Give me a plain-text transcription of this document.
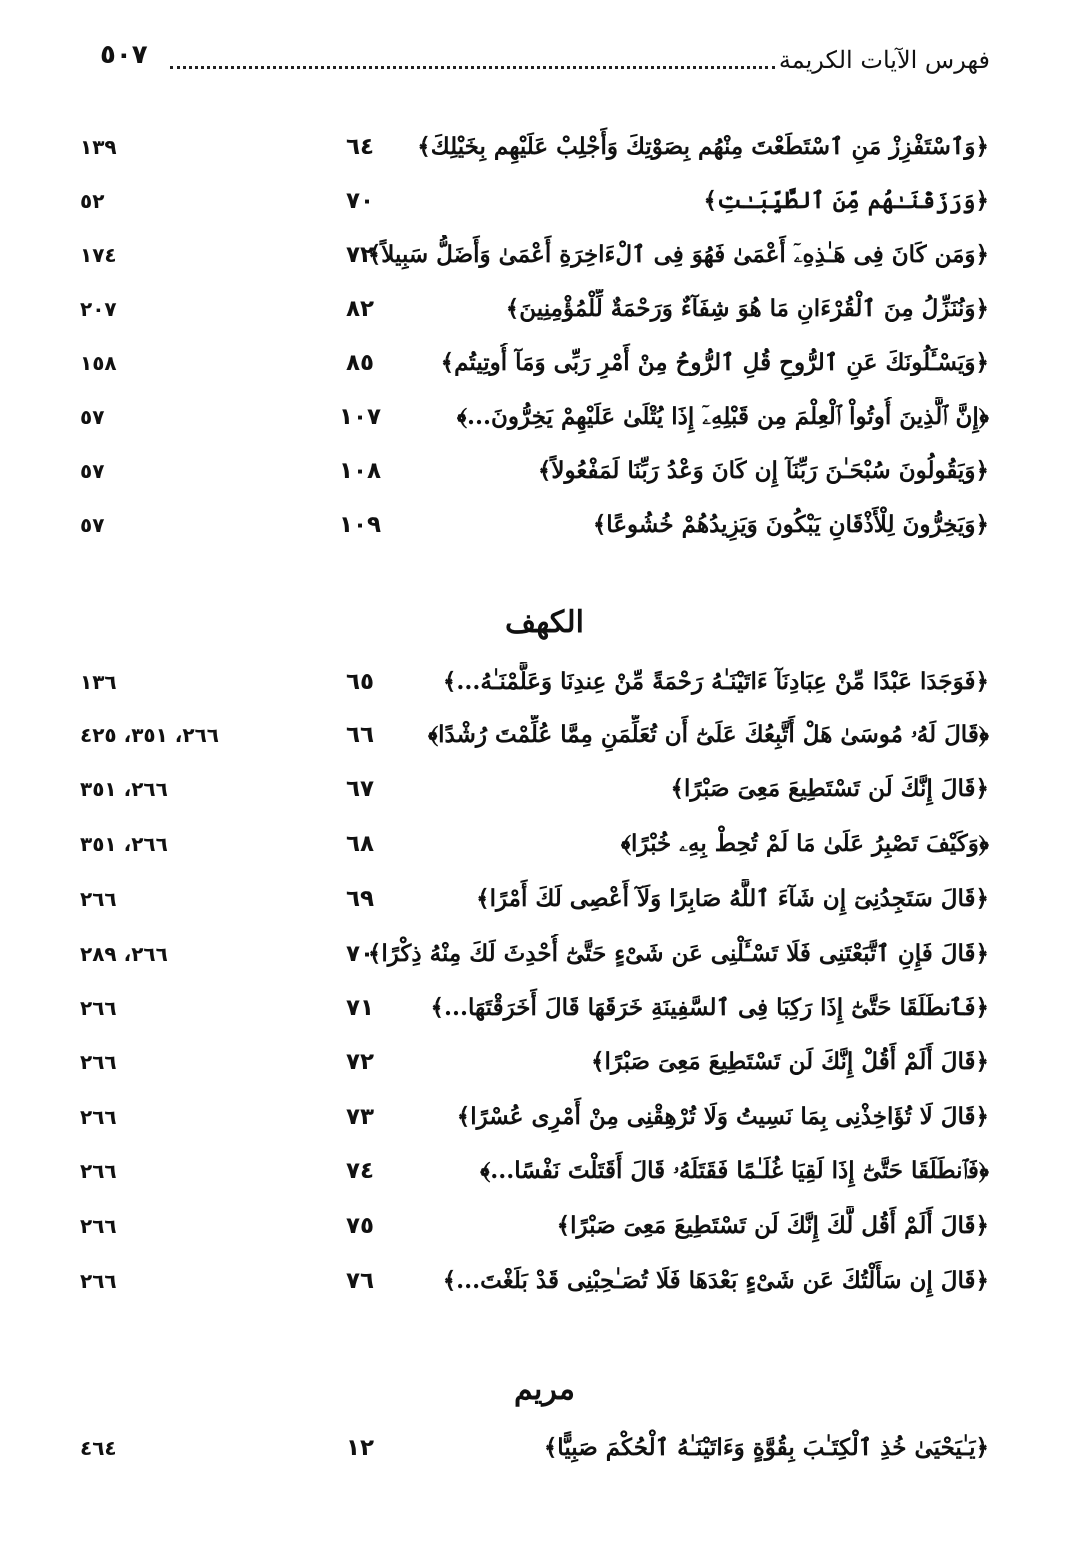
فهرس الآيات الكريمة
٥٠٧
﴿وَٱسْتَفْزِزْ مَنِ ٱسْتَطَعْتَ مِنْهُم بِصَوْتِكَ وَأَجْلِبْ عَلَيْهِم بِخَيْلِكَ﴾
٦٤
١٣٩
﴿وَرَزَقْنَـٰهُم مِّنَ ٱلطَّيِّبَـٰتِ﴾
٧٠
٥٢
﴿وَمَن كَانَ فِى هَـٰذِهِۦٓ أَعْمَىٰ فَهُوَ فِى ٱلْءَاخِرَةِ أَعْمَىٰ وَأَضَلُّ سَبِيلاً﴾
٧٢
١٧٤
﴿وَنُنَزِّلُ مِنَ ٱلْقُرْءَانِ مَا هُوَ شِفَآءٌ وَرَحْمَةٌ لِّلْمُؤْمِنِينَ﴾
٨٢
٢٠٧
﴿وَيَسْـَٔلُونَكَ عَنِ ٱلرُّوحِ قُلِ ٱلرُّوحُ مِنْ أَمْرِ رَبِّى وَمَآ أُوتِيتُم﴾
٨٥
١٥٨
﴿إِنَّ ٱلَّذِينَ أُوتُواْ ٱلْعِلْمَ مِن قَبْلِهِۦٓ إِذَا يُتْلَىٰ عَلَيْهِمْ يَخِرُّونَ...﴾
١٠٧
٥٧
﴿وَيَقُولُونَ سُبْحَـٰنَ رَبِّنَآ إِن كَانَ وَعْدُ رَبِّنَا لَمَفْعُولاً﴾
١٠٨
٥٧
﴿وَيَخِرُّونَ لِلْأَذْقَانِ يَبْكُونَ وَيَزِيدُهُمْ خُشُوعًا﴾
١٠٩
٥٧
الكهف
﴿فَوَجَدَا عَبْدًا مِّنْ عِبَادِنَآ ءَاتَيْنَـٰهُ رَحْمَةً مِّنْ عِندِنَا وَعَلَّمْنَـٰهُ...﴾
٦٥
١٣٦
﴿قَالَ لَهُۥ مُوسَىٰ هَلْ أَتَّبِعُكَ عَلَىٰٓ أَن تُعَلِّمَنِ مِمَّا عُلِّمْتَ رُشْدًا﴾
٦٦
٢٦٦، ٣٥١، ٤٢٥
﴿قَالَ إِنَّكَ لَن تَسْتَطِيعَ مَعِىَ صَبْرًا﴾
٦٧
٢٦٦، ٣٥١
﴿وَكَيْفَ تَصْبِرُ عَلَىٰ مَا لَمْ تُحِطْ بِهِۦ خُبْرًا﴾
٦٨
٢٦٦، ٣٥١
﴿قَالَ سَتَجِدُنِىٓ إِن شَآءَ ٱللَّهُ صَابِرًا وَلَآ أَعْصِى لَكَ أَمْرًا﴾
٦٩
٢٦٦
﴿قَالَ فَإِنِ ٱتَّبَعْتَنِى فَلَا تَسْـَٔلْنِى عَن شَىْءٍ حَتَّىٰٓ أُحْدِثَ لَكَ مِنْهُ ذِكْرًا﴾
٧٠
٢٦٦، ٢٨٩
﴿فَٱنطَلَقَا حَتَّىٰٓ إِذَا رَكِبَا فِى ٱلسَّفِينَةِ خَرَقَهَا قَالَ أَخَرَقْتَهَا...﴾
٧١
٢٦٦
﴿قَالَ أَلَمْ أَقُلْ إِنَّكَ لَن تَسْتَطِيعَ مَعِىَ صَبْرًا﴾
٧٢
٢٦٦
﴿قَالَ لَا تُؤَاخِذْنِى بِمَا نَسِيتُ وَلَا تُرْهِقْنِى مِنْ أَمْرِى عُسْرًا﴾
٧٣
٢٦٦
﴿فَٱنطَلَقَا حَتَّىٰٓ إِذَا لَقِيَا غُلَـٰمًا فَقَتَلَهُۥ قَالَ أَقَتَلْتَ نَفْسًا...﴾
٧٤
٢٦٦
﴿قَالَ أَلَمْ أَقُل لَّكَ إِنَّكَ لَن تَسْتَطِيعَ مَعِىَ صَبْرًا﴾
٧٥
٢٦٦
﴿قَالَ إِن سَأَلْتُكَ عَن شَىْءٍ بَعْدَهَا فَلَا تُصَـٰحِبْنِى قَدْ بَلَغْتَ...﴾
٧٦
٢٦٦
مريم
﴿يَـٰيَحْيَىٰ خُذِ ٱلْكِتَـٰبَ بِقُوَّةٍ وَءَاتَيْنَـٰهُ ٱلْحُكْمَ صَبِيًّا﴾
١٢
٤٦٤
